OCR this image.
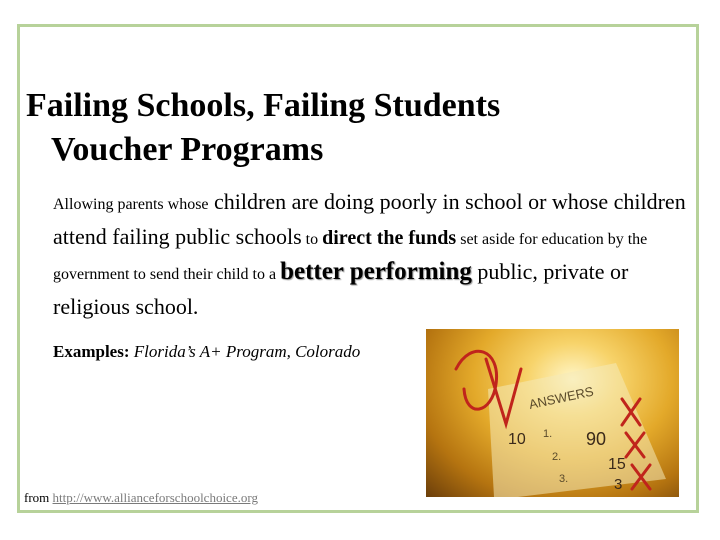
Failing Schools, Failing Students
Voucher Programs
Allowing parents whose children are doing poorly in school or whose children attend failing public schools to direct the funds set aside for education by the government to send their child to a better performing public, private or religious school.
Examples: Florida’s A+ Program, Colorado
ANSWERS
1.
2.
3.
10	90
15
3
from http://www.allianceforschoolchoice.org
